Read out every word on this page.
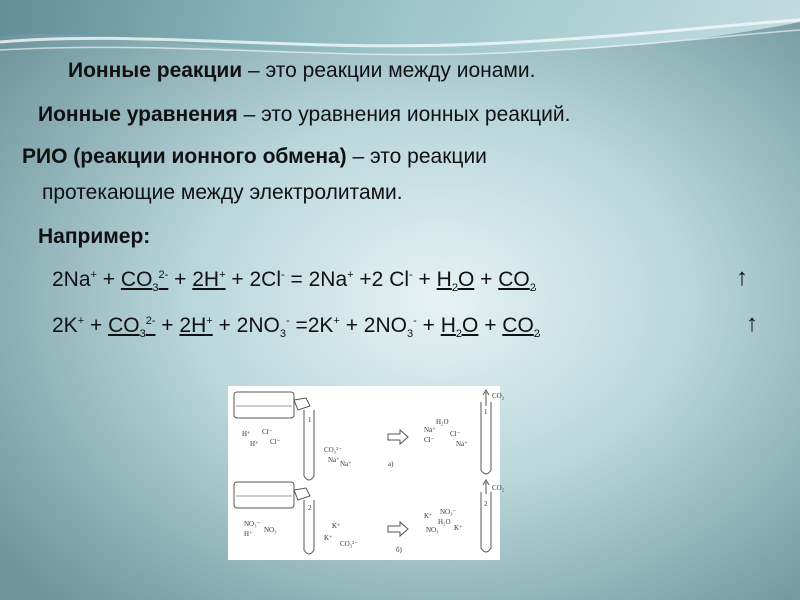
Ионные реакции – это реакции между ионами.
Ионные уравнения – это уравнения ионных реакций.
РИО (реакции ионного обмена) – это реакции
протекающие между электролитами.
Например:
$2Na^+ + CO_3^{2-} + 2H^+ + 2Cl^- = 2Na^+ +2$ $Cl^- + H_2O + CO_2$	↑
$2K^+ + CO_3^{2-} + 2H^+ + 2NO_3^- =2K^+ + 2NO_3^- + H_2O + CO_2$	↑
H⁺ Cl⁻
H⁺ Cl⁻
CO₃²⁻
Na⁺ Na⁺
H₂O
Na⁺
Cl⁻
Cl⁻
Na⁺
CO₂
а)
1
1
NO₃⁻
H⁺ NO₃	K⁺
K⁺
CO₃²⁻
K⁺ NO₃⁻
H₂O
NO₃ K⁺
CO₂
б)
2	2
